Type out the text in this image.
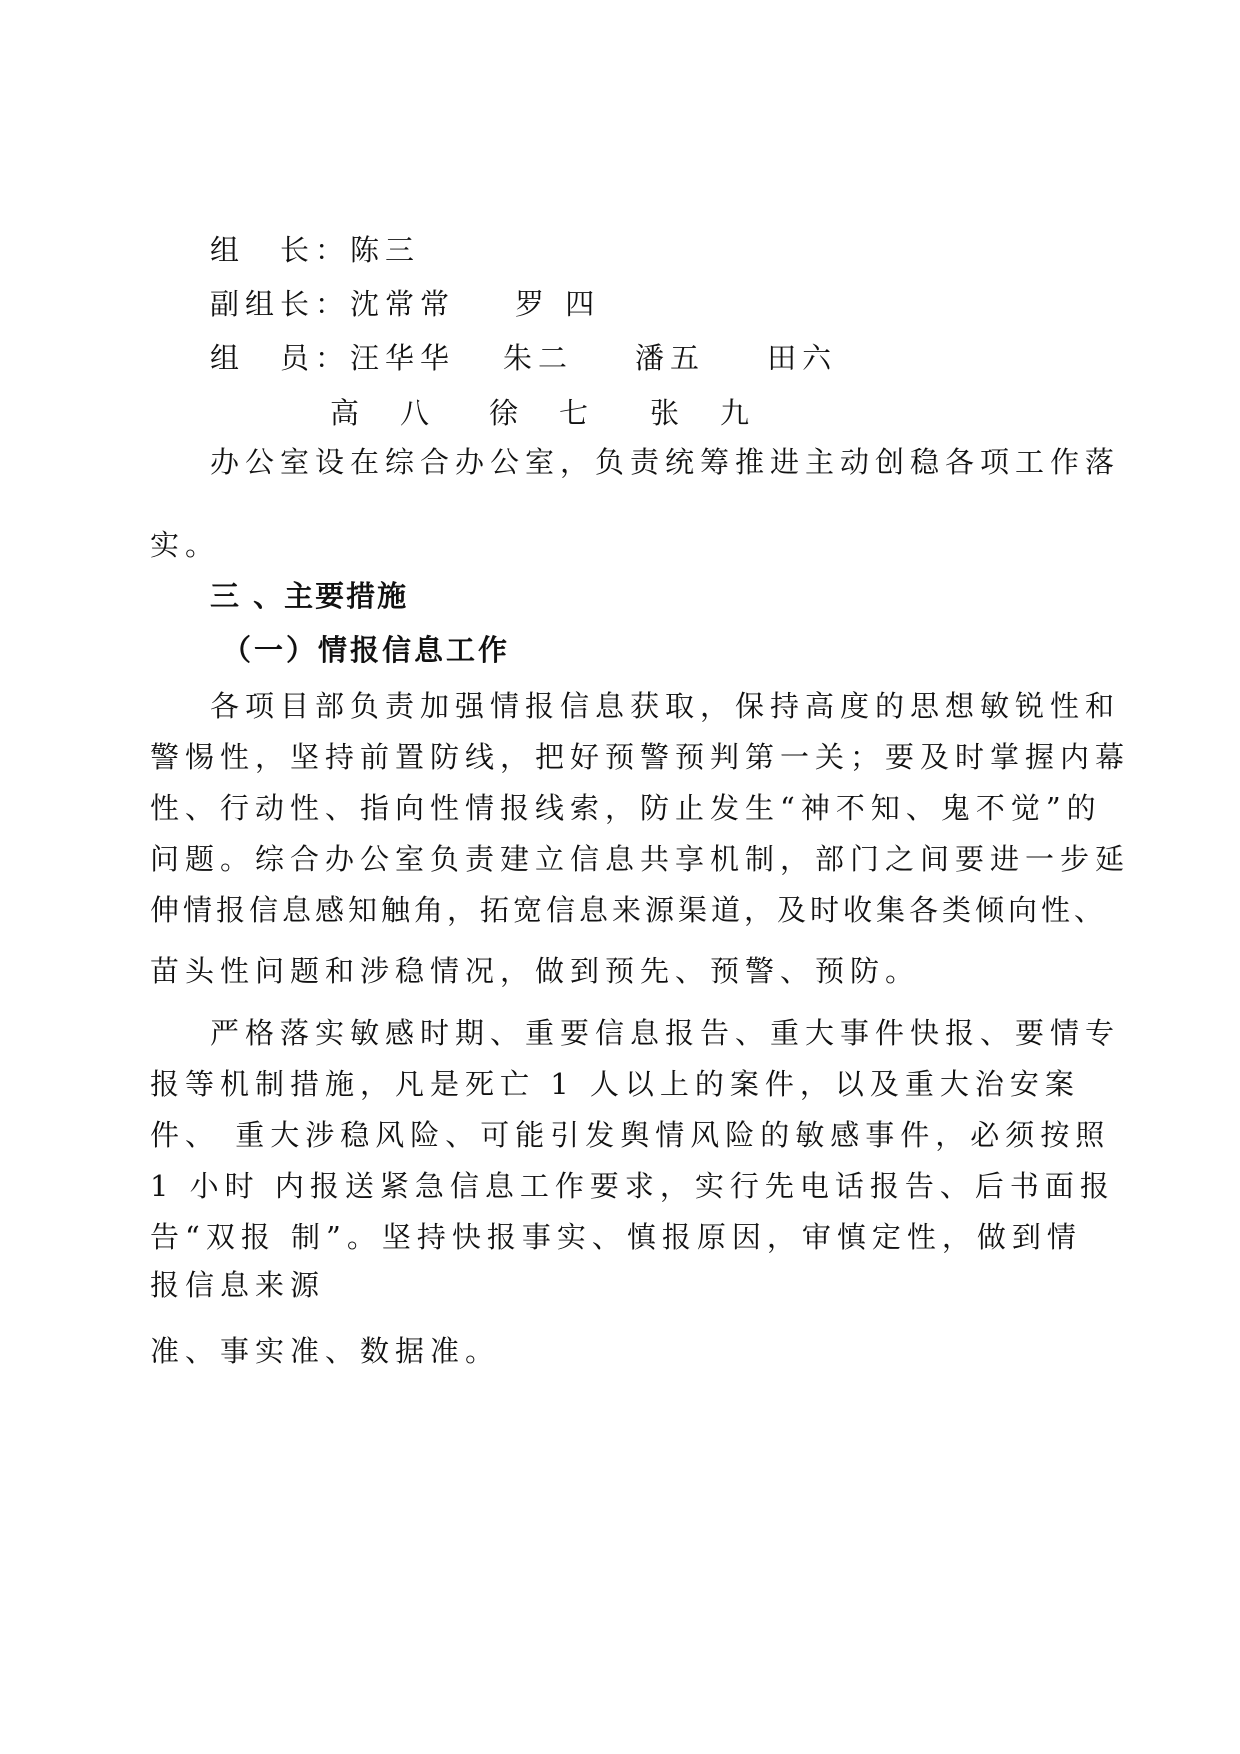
组　长：陈三
副组长：沈常常 罗 四
组　员：汪华华 朱二 潘五 田六
高　八 徐　七 张　九
办公室设在综合办公室，负责统筹推进主动创稳各项工作落
实。
三 、主要措施
（一）情报信息工作
各项目部负责加强情报信息获取，保持高度的思想敏锐性和
警惕性，坚持前置防线，把好预警预判第一关；要及时掌握内幕
性、行动性、指向性情报线索，防止发生“神不知、鬼不觉”的
问题。综合办公室负责建立信息共享机制，部门之间要进一步延
伸情报信息感知触角，拓宽信息来源渠道，及时收集各类倾向性、
苗头性问题和涉稳情况，做到预先、预警、预防。
严格落实敏感时期、重要信息报告、重大事件快报、要情专
报等机制措施，凡是死亡 1 人以上的案件，以及重大治安案
件、 重大涉稳风险、可能引发舆情风险的敏感事件，必须按照
1 小时 内报送紧急信息工作要求，实行先电话报告、后书面报
告“双报 制”。坚持快报事实、慎报原因，审慎定性，做到情
报信息来源
准、事实准、数据准。
